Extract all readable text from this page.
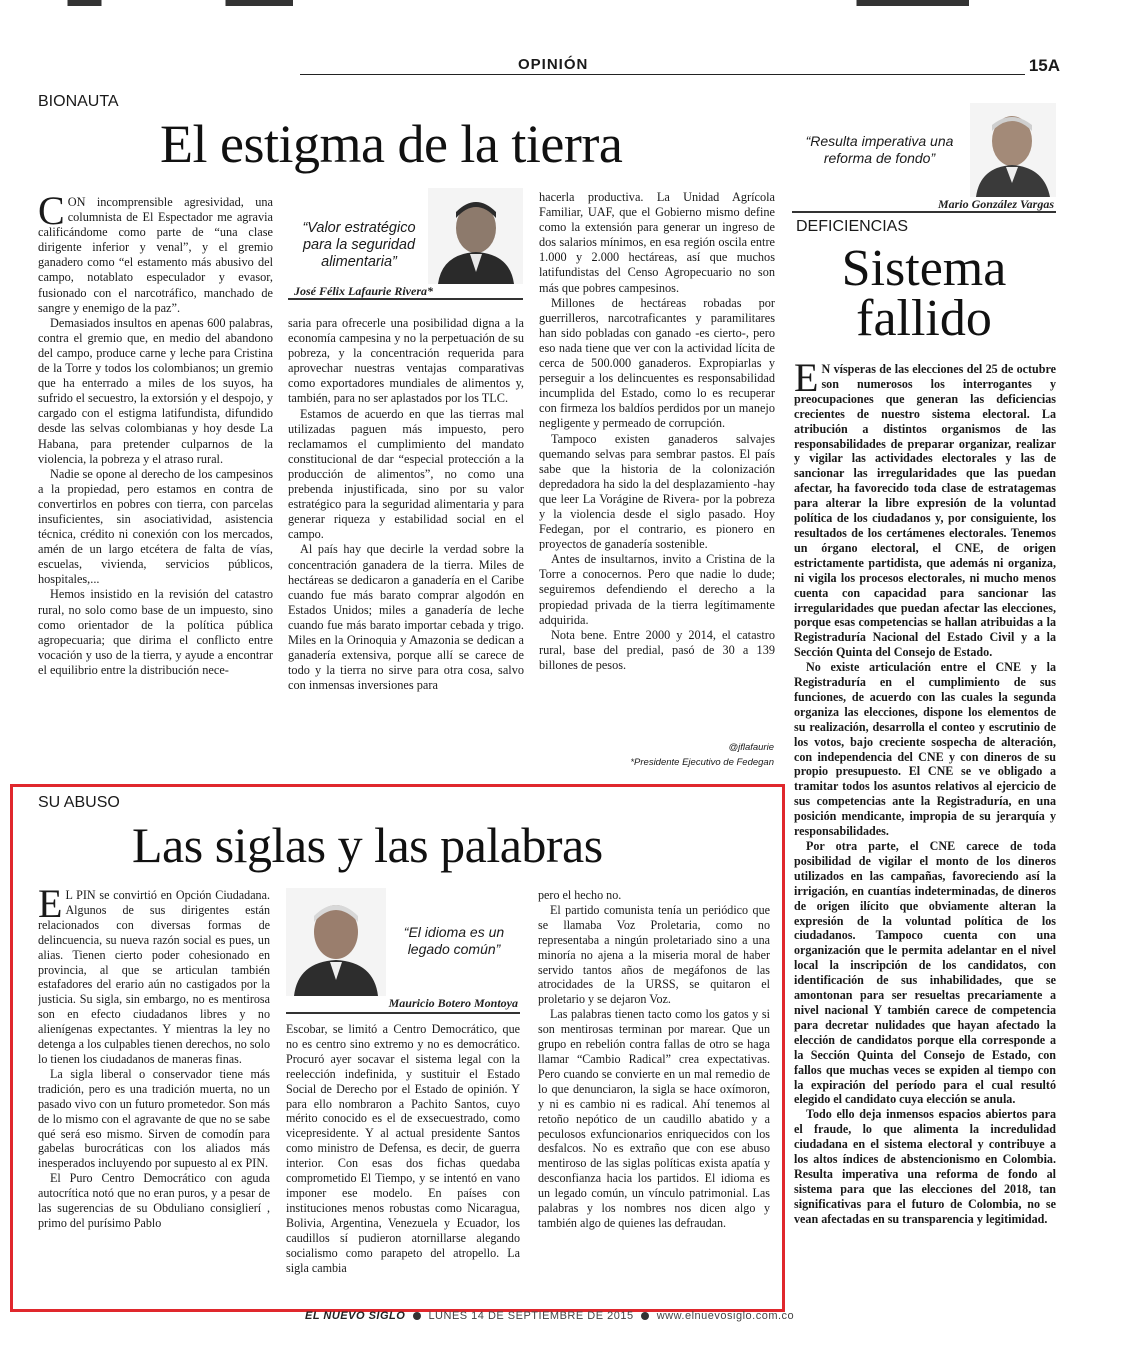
OPINIÓN	15A
BIONAUTA
El estigma de la tierra

CON incomprensible agresividad, una columnista de El Espectador me agravia calificándome como parte de “una clase dirigente inferior y venal”, y el gremio ganadero como “el estamento más abusivo del campo, notablato especulador y evasor, fusionado con el narcotráfico, manchado de sangre y enemigo de la paz”.

Demasiados insultos en apenas 600 palabras, contra el gremio que, en medio del abandono del campo, produce carne y leche para Cristina de la Torre y todos los colombianos; un gremio que ha enterrado a miles de los suyos, ha sufrido el secuestro, la extorsión y el despojo, y cargado con el estigma latifundista, difundido desde las selvas colombianas y hoy desde La Habana, para pretender culparnos de la violencia, la pobreza y el atraso rural.

Nadie se opone al derecho de los campesinos a la propiedad, pero estamos en contra de convertirlos en pobres con tierra, con parcelas insuficientes, sin asociatividad, asistencia técnica, crédito ni conexión con los mercados, amén de un largo etcétera de falta de vías, escuelas, vivienda, servicios públicos, hospitales,...

Hemos insistido en la revisión del catastro rural, no solo como base de un impuesto, sino como orientador de la política pública agropecuaria; que dirima el conflicto entre vocación y uso de la tierra, y ayude a encontrar el equilibrio entre la distribución nece-

“Valor estratégico para la seguridad alimentaria”
José Félix Lafaurie Rivera*

saria para ofrecerle una posibilidad digna a la economía campesina y no la perpetuación de su pobreza, y la concentración requerida para aprovechar nuestras ventajas comparativas como exportadores mundiales de alimentos y, también, para no ser aplastados por los TLC.

Estamos de acuerdo en que las tierras mal utilizadas paguen más impuesto, pero reclamamos el cumplimiento del mandato constitucional de dar “especial protección a la producción de alimentos”, no como una prebenda injustificada, sino por su valor estratégico para la seguridad alimentaria y para generar riqueza y estabilidad social en el campo.

Al país hay que decirle la verdad sobre la concentración ganadera de la tierra. Miles de hectáreas se dedicaron a ganadería en el Caribe cuando fue más barato comprar algodón en Estados Unidos; miles a ganadería de leche cuando fue más barato importar cebada y trigo. Miles en la Orinoquia y Amazonia se dedican a ganadería extensiva, porque allí se carece de todo y la tierra no sirve para otra cosa, salvo con inmensas inversiones para

hacerla productiva. La Unidad Agrícola Familiar, UAF, que el Gobierno mismo define como la extensión para generar un ingreso de dos salarios mínimos, en esa región oscila entre 1.000 y 2.000 hectáreas, así que muchos latifundistas del Censo Agropecuario no son más que pobres campesinos.

Millones de hectáreas robadas por guerrilleros, narcotraficantes y paramilitares han sido pobladas con ganado -es cierto-, pero eso nada tiene que ver con la actividad lícita de cerca de 500.000 ganaderos. Expropiarlas y perseguir a los delincuentes es responsabilidad incumplida del Estado, como lo es recuperar con firmeza los baldíos perdidos por un manejo negligente y permeado de corrupción.

Tampoco existen ganaderos salvajes quemando selvas para sembrar pastos. El país sabe que la historia de la colonización depredadora ha sido la del desplazamiento -hay que leer La Vorágine de Rivera- por la pobreza y la violencia desde el siglo pasado. Hoy Fedegan, por el contrario, es pionero en proyectos de ganadería sostenible.

Antes de insultarnos, invito a Cristina de la Torre a conocernos. Pero que nadie lo dude; seguiremos defendiendo el derecho a la propiedad privada de la tierra legítimamente adquirida.

Nota bene. Entre 2000 y 2014, el catastro rural, base del predial, pasó de 30 a 139 billones de pesos.

@jflafaurie
*Presidente Ejecutivo de Fedegan
“Resulta imperativa una reforma de fondo”
Mario González Vargas
DEFICIENCIAS
Sistema
fallido

E N vísperas de las elecciones del 25 de octubre son numerosos los interrogantes y preocupaciones que generan las deficiencias crecientes de nuestro sistema electoral. La atribución a distintos organismos de las responsabilidades de preparar organizar, realizar y vigilar las actividades electorales y las de sancionar las irregularidades que las puedan afectar, ha favorecido toda clase de estratagemas para alterar la libre expresión de la voluntad política de los ciudadanos y, por consiguiente, los resultados de los certámenes electorales. Tenemos un órgano electoral, el CNE, de origen estrictamente partidista, que además ni organiza, ni vigila los procesos electorales, ni mucho menos cuenta con capacidad para sancionar las irregularidades que puedan afectar las elecciones, porque esas competencias se hallan atribuidas a la Registraduría Nacional del Estado Civil y a la Sección Quinta del Consejo de Estado.

No existe articulación entre el CNE y la Registraduría en el cumplimiento de sus funciones, de acuerdo con las cuales la segunda organiza las elecciones, dispone los elementos de su realización, desarrolla el conteo y escrutinio de los votos, bajo creciente sospecha de alteración, con independencia del CNE y con dineros de su propio presupuesto. El CNE se ve obligado a tramitar todos los asuntos relativos al ejercicio de sus competencias ante la Registraduría, en una posición mendicante, impropia de su jerarquía y responsabilidades.

Por otra parte, el CNE carece de toda posibilidad de vigilar el monto de los dineros utilizados en las campañas, favoreciendo así la irrigación, en cuantías indeterminadas, de dineros de origen ilícito que obviamente alteran la expresión de la voluntad política de los ciudadanos. Tampoco cuenta con una organización que le permita adelantar en el nivel local la inscripción de los candidatos, con identificación de sus inhabilidades, que se amontonan para ser resueltas precariamente a nivel nacional Y también carece de competencia para decretar nulidades que hayan afectado la elección de candidatos porque ella corresponde a la Sección Quinta del Consejo de Estado, con fallos que muchas veces se expiden al tiempo con la expiración del período para el cual resultó elegido el candidato cuya elección se anula.

Todo ello deja inmensos espacios abiertos para el fraude, lo que alimenta la incredulidad ciudadana en el sistema electoral y contribuye a los altos índices de abstencionismo en Colombia. Resulta imperativa una reforma de fondo al sistema para que las elecciones del 2018, tan significativas para el futuro de Colombia, no se vean afectadas en su transparencia y legitimidad.

SU ABUSO
Las siglas y las palabras

E L PIN se convirtió en Opción Ciudadana. Algunos de sus dirigentes están relacionados con diversas formas de delincuencia, su nueva razón social es pues, un alias. Tienen cierto poder cohesionado en provincia, al que se articulan también estafadores del erario aún no castigados por la justicia. Su sigla, sin embargo, no es mentirosa son en efecto ciudadanos libres y no alienígenas expectantes. Y mientras la ley no detenga a los culpables tienen derechos, no solo lo tienen los ciudadanos de maneras finas.

La sigla liberal o conservador tiene más tradición, pero es una tradición muerta, no un pasado vivo con un futuro prometedor. Son más de lo mismo con el agravante de que no se sabe qué será eso mismo. Sirven de comodín para gabelas burocráticas con los aliados más inesperados incluyendo por supuesto al ex PIN.

El Puro Centro Democrático con aguda autocrítica notó que no eran puros, y a pesar de las sugerencias de su Obduliano consiglierí , primo del purísimo Pablo

“El idioma es un legado común”
Mauricio Botero Montoya

Escobar, se limitó a Centro Democrático, que no es centro sino extremo y no es democrático. Procuró ayer socavar el sistema legal con la reelección indefinida, y sustituir el Estado Social de Derecho por el Estado de opinión. Y para ello nombraron a Pachito Santos, cuyo mérito conocido es el de exsecuestrado, como vicepresidente. Y al actual presidente Santos como ministro de Defensa, es decir, de guerra interior. Con esas dos fichas quedaba comprometido El Tiempo, y se intentó en vano imponer ese modelo. En países con instituciones menos robustas como Nicaragua, Bolivia, Argentina, Venezuela y Ecuador, los caudillos sí pudieron atornillarse alegando socialismo como parapeto del atropello. La sigla cambia

pero el hecho no.

El partido comunista tenía un periódico que se llamaba Voz Proletaria, como no representaba a ningún proletariado sino a una minoría no ajena a la miseria moral de haber servido tantos años de megáfonos de las atrocidades de la URSS, se quitaron el proletario y se dejaron Voz.

Las palabras tienen tacto como los gatos y si son mentirosas terminan por marear. Que un grupo en rebelión contra fallas de otro se haga llamar “Cambio Radical” crea expectativas. Pero cuando se convierte en un mal remedio de lo que denunciaron, la sigla se hace oxímoron, y ni es cambio ni es radical. Ahí tenemos al retoño nepótico de un caudillo abatido y a peculosos exfuncionarios enriquecidos con los desfalcos. No es extraño que con ese abuso mentiroso de las siglas políticas exista apatía y desconfianza hacia los partidos. El idioma es un legado común, un vínculo patrimonial. Las palabras y los nombres nos dicen algo y también algo de quienes las defraudan.

EL NUEVO SIGLO LUNES 14 DE SEPTIEMBRE DE 2015 www.elnuevosiglo.com.co
